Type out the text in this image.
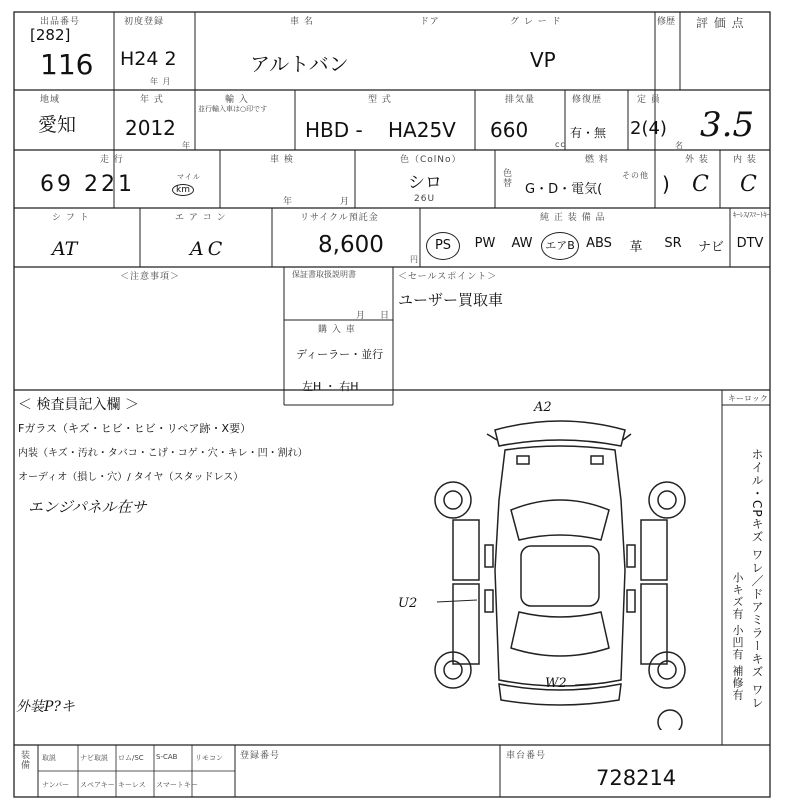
出品番号
[282]
116
初度登録
H24 2
年 月
車 名
アルトバン
ドア	グ レ ー ド
VP
修歴 評 価 点
3.5
地域
愛知
年 式
2012
年
輸 入
並行輸入車は○印です
型 式
HBD - HA25V
排気量
660
cc
修復歴
有・無
定 員
2(4)
名
走 行
69 221	マイル
km
車 検
年	月
色（ColNo）
シロ
26U
色替
燃 料
G・D・電気(
その他 )
外 装
C
内 装
C
シ フ ト
AT
エ ア コ ン
AC
リサイクル預託金
8,600
円
純 正 装 備 品	ｷｰﾚｽ/ｽﾏｰﾄｷｰ
PS	PW	AW	エアB ABS	革	SR	ナビ DTV
＜注意事項＞	保証書取扱説明書
月 日
購 入 車
ディーラー・並行
左H ・ 右H
＜セールスポイント＞
ユーザー買取車
＜ 検査員記入欄 ＞
Fガラス（キズ・ヒビ・ヒビ・リペア跡・X要）
内装（キズ・汚れ・タバコ・こげ・コゲ・穴・キレ・凹・割れ）
オーディオ（損し・穴）/ タイヤ（スタッドレス）
エンジパネル在サ
外装P?キ
キーロック
ホイル・CPキズ ワレ／ドアミラーキズ ワレ
小キズ有 小凹有 補修有
A2
U2
W2
装備 取説	ナビ取説 ロム/SC S-CAB	リモコン
ナンバー スペアキー キーレス スマートキー
登録番号	車台番号
728214
